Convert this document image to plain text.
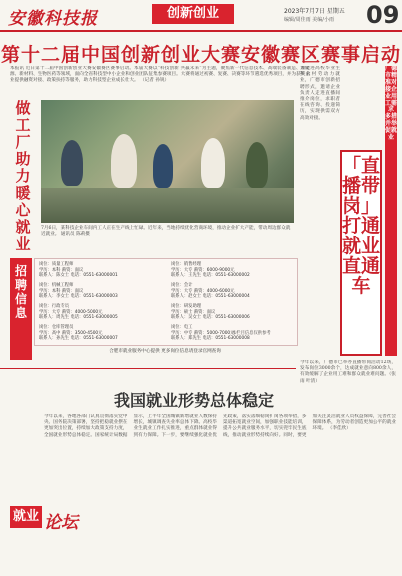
安徽科技报	创新创业	2023年7月7日 星期五
编辑/周佳雨 美编/小雨 09
第十二届中国创新创业大赛安徽赛区赛事启动
本报讯 近日第十二届中国创新创业大赛安徽赛区赛事启动。本届大赛以“科技创新 共赢未来”为主题，聚焦新一代信息技术、高端装备制造、新能源、新材料、生物医药等领域，面向全省科技型中小企业和创业团队征集参赛项目。大赛将通过初赛、复赛、决赛等环节遴选优秀项目，并为获奖企业提供融资对接、政策扶持等服务，助力科技型企业成长壮大。 （记者 孙锐）
做工厂助力暖心就业
7月6日，某科技企业车间内工人正在生产线上忙碌。近年来，当地持续优化营商环境，推动企业扩大产能，带动周边群众就近就业。 通讯员 陈莉摄
招聘信息
岗位：质量工程师
学历：本科 薪资：面议
联系人：陈女士 电话：0551-63000001
岗位：销售经理
学历：大专 薪资：6000-9000元
联系人：王先生 电话：0551-63000002
岗位：机械工程师
学历：本科 薪资：面议
联系人：李女士 电话：0551-63000003
岗位：会计
学历：大专 薪资：4000-6000元
联系人：赵女士 电话：0551-63000004
岗位：行政专员
学历：大专 薪资：4000-5000元
联系人：周先生 电话：0551-63000005
岗位：研发助理
学历：硕士 薪资：面议
联系人：吴女士 电话：0551-63000006
岗位：仓库管理员
学历：高中 薪资：3500-4500元
联系人：孙先生 电话：0551-63000007
岗位：电工
学历：中专 薪资：5000-7000元
联系人：郑先生 电话：0551-63000008
本栏目信息仅供参考
合肥市就业服务中心提供 更多岗位信息请登录官网查询
为促进高校毕业生和农村劳动力就业，广德市创新招聘形式，邀请企业负责人走进直播间推介岗位，求职者在线咨询、投递简历，实现供需双方高效对接。
「直播带岗」打通就业直通车
广德市精准对接企业用工需求 多措并举促就业
今年以来，广德市已举办直播带岗活动12场，发布岗位3000余个，达成就业意向800余人，有效缓解了企业用工难和群众就业难问题。（张雨 叶清）
我国就业形势总体稳定
今年以来，各地各部门认真贯彻落实党中央、国务院决策部署，坚持把稳就业摆在更加突出位置，持续加大政策支持力度，全国就业形势总体稳定。国家统计局数据显示，上半年全国城镇新增就业人数保持增长，城镇调查失业率总体下降。高校毕业生就业工作扎实推进，重点群体就业得到有力保障。下一步，要继续强化就业优先政策，落实落细稳岗扩岗各项举措，多渠道拓宽就业空间，加强职业技能培训，提升公共就业服务水平，切实兜牢民生底线，推动就业形势持续向好。同时，要更加关注灵活就业人员权益保障，完善社会保障体系，为劳动者创造更加公平的就业环境。 （李佳欣）
就业 论坛
